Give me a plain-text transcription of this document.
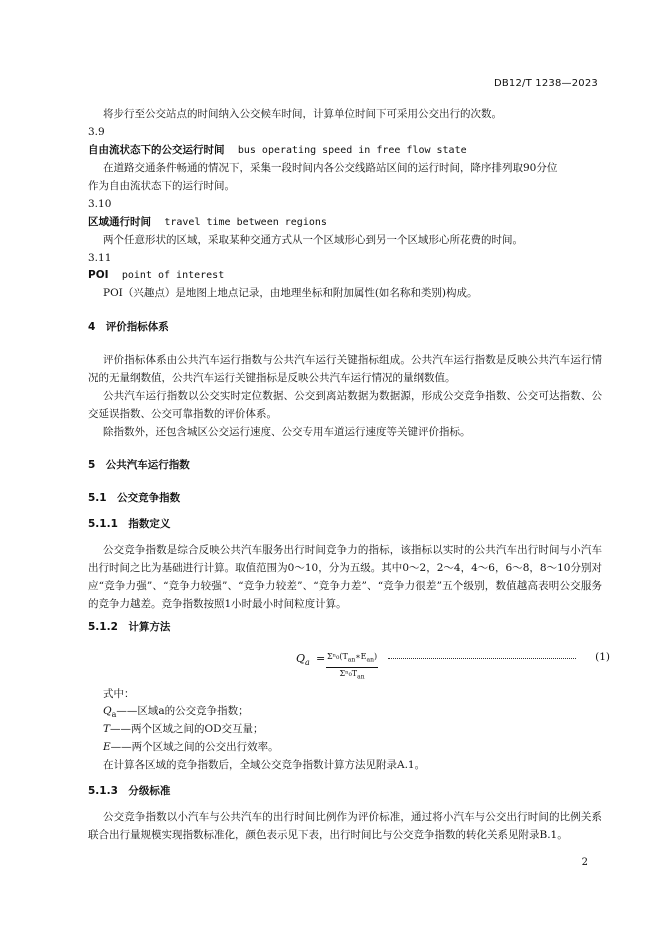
DB12/T 1238—2023
将步行至公交站点的时间纳入公交候车时间，计算单位时间下可采用公交出行的次数。
3.9
自由流状态下的公交运行时间 bus operating speed in free flow state
在道路交通条件畅通的情况下，采集一段时间内各公交线路站区间的运行时间，降序排列取90分位
作为自由流状态下的运行时间。
3.10
区域通行时间 travel time between regions
两个任意形状的区域，采取某种交通方式从一个区域形心到另一个区域形心所花费的时间。
3.11
POI point of interest
POI（兴趣点）是地图上地点记录，由地理坐标和附加属性(如名称和类别)构成。
4　评价指标体系
评价指标体系由公共汽车运行指数与公共汽车运行关键指标组成。公共汽车运行指数是反映公共汽车运行情况的无量纲数值，公共汽车运行关键指标是反映公共汽车运行情况的量纲数值。
公共汽车运行指数以公交实时定位数据、公交到离站数据为数据源，形成公交竞争指数、公交可达指数、公交延误指数、公交可靠指数的评价体系。
除指数外，还包含城区公交运行速度、公交专用车道运行速度等关键评价指标。
5　公共汽车运行指数
5.1　公交竞争指数
5.1.1　指数定义
公交竞争指数是综合反映公共汽车服务出行时间竞争力的指标，该指标以实时的公共汽车出行时间与小汽车出行时间之比为基础进行计算。取值范围为0～10，分为五级。其中0～2，2～4，4～6，6～8，8～10分别对应“竞争力强”、“竞争力较强”、“竞争力较差”、“竞争力差”、“竞争力很差”五个级别，数值越高表明公交服务的竞争力越差。竞争指数按照1小时最小时间粒度计算。
5.1.2　计算方法
$Q_a$ = $\Sigma^n_0(T_{an}∗E_{an})$
$\Sigma^n_0T_{an}$
(1)
式中：
$Q_a——$区域a的公交竞争指数；
T——两个区域之间的OD交互量；
E——两个区域之间的公交出行效率。
在计算各区域的竞争指数后，全域公交竞争指数计算方法见附录A.1。
5.1.3　分级标准
公交竞争指数以小汽车与公共汽车的出行时间比例作为评价标准，通过将小汽车与公交出行时间的比例关系联合出行量规模实现指数标准化，颜色表示见下表，出行时间比与公交竞争指数的转化关系见附录B.1。
2
